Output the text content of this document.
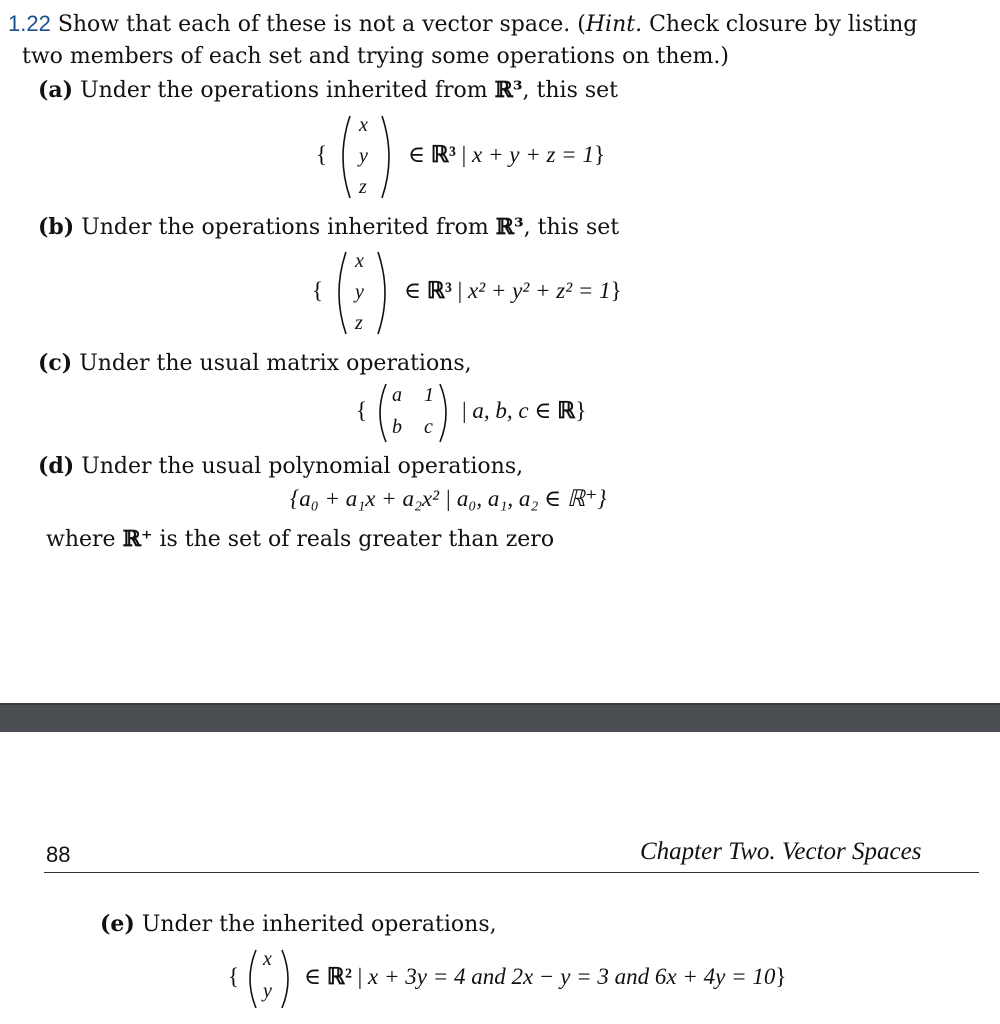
1.22 Show that each of these is not a vector space. (Hint. Check closure by listing
two members of each set and trying some operations on them.)
(a) Under the operations inherited from ℝ³, this set
{
x
y
z
∈ ℝ³ | x + y + z = 1}
(b) Under the operations inherited from ℝ³, this set
{
x
y
z
∈ ℝ³ | x² + y² + z² = 1}
(c) Under the usual matrix operations,
{
a 1
b c
| a, b, c ∈ ℝ}
(d) Under the usual polynomial operations,
{a₀ + a₁x + a₂x² | a₀, a₁, a₂ ∈ ℝ⁺}
where ℝ⁺ is the set of reals greater than zero
88	Chapter Two. Vector Spaces
(e) Under the inherited operations,
{
x
y
∈ ℝ² | x + 3y = 4 and 2x − y = 3 and 6x + 4y = 10}
